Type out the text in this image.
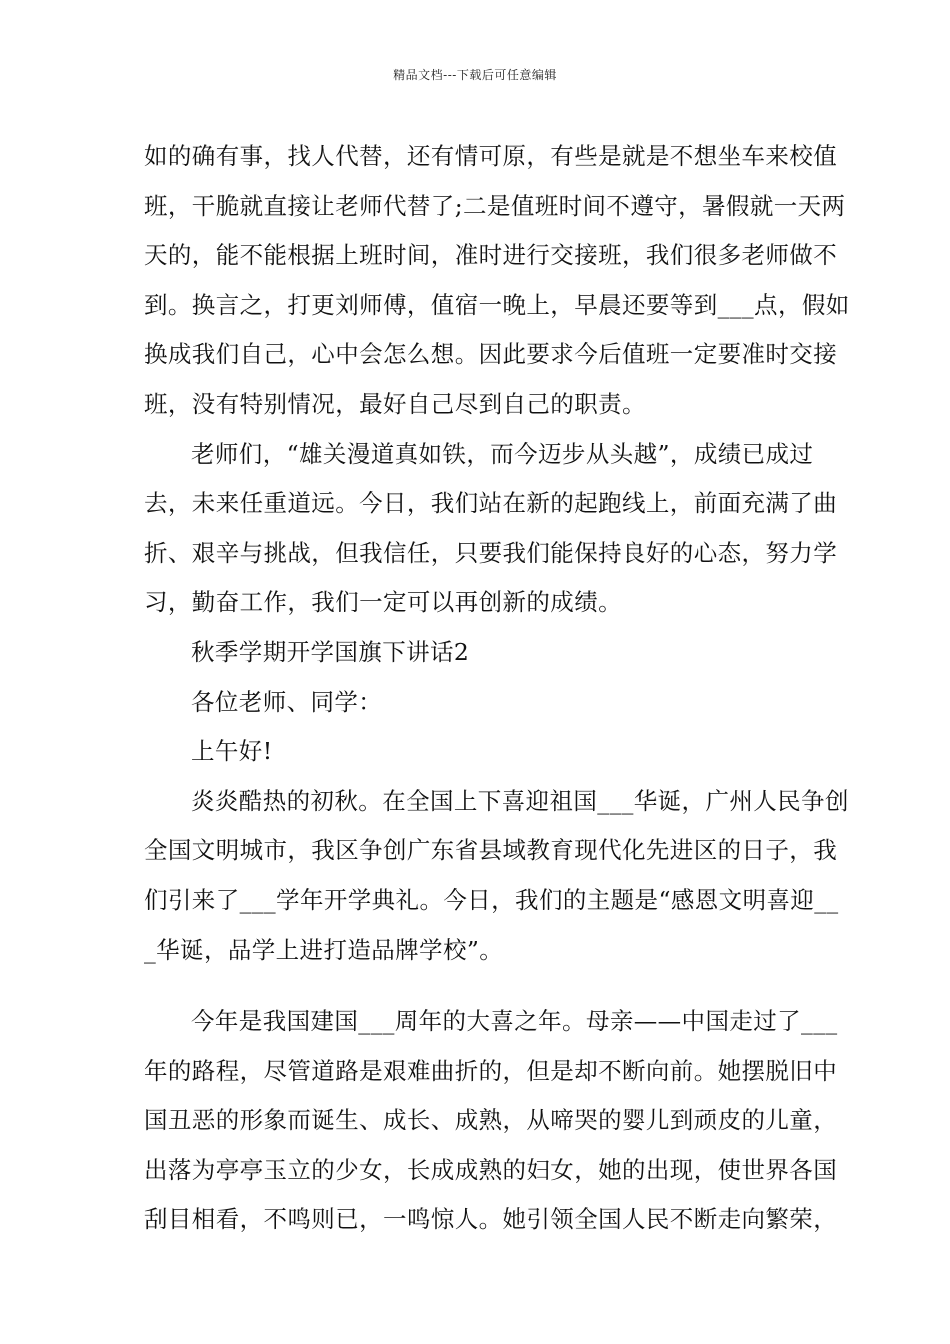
精品文档---下载后可任意编辑
如的确有事，找人代替，还有情可原，有些是就是不想坐车来校值
班，干脆就直接让老师代替了;二是值班时间不遵守，暑假就一天两
天的，能不能根据上班时间，准时进行交接班，我们很多老师做不
到。换言之，打更刘师傅，值宿一晚上，早晨还要等到___点，假如
换成我们自己，心中会怎么想。因此要求今后值班一定要准时交接
班，没有特别情况，最好自己尽到自己的职责。
老师们，“雄关漫道真如铁，而今迈步从头越”，成绩已成过
去，未来任重道远。今日，我们站在新的起跑线上，前面充满了曲
折、艰辛与挑战，但我信任，只要我们能保持良好的心态，努力学
习，勤奋工作，我们一定可以再创新的成绩。
秋季学期开学国旗下讲话2
各位老师、同学：
上午好!
炎炎酷热的初秋。在全国上下喜迎祖国___华诞，广州人民争创
全国文明城市，我区争创广东省县域教育现代化先进区的日子，我
们引来了___学年开学典礼。今日，我们的主题是“感恩文明喜迎__
_华诞，品学上进打造品牌学校”。
今年是我国建国___周年的大喜之年。母亲——中国走过了___
年的路程，尽管道路是艰难曲折的，但是却不断向前。她摆脱旧中
国丑恶的形象而诞生、成长、成熟，从啼哭的婴儿到顽皮的儿童，
出落为亭亭玉立的少女，长成成熟的妇女，她的出现，使世界各国
刮目相看，不鸣则已，一鸣惊人。她引领全国人民不断走向繁荣，
